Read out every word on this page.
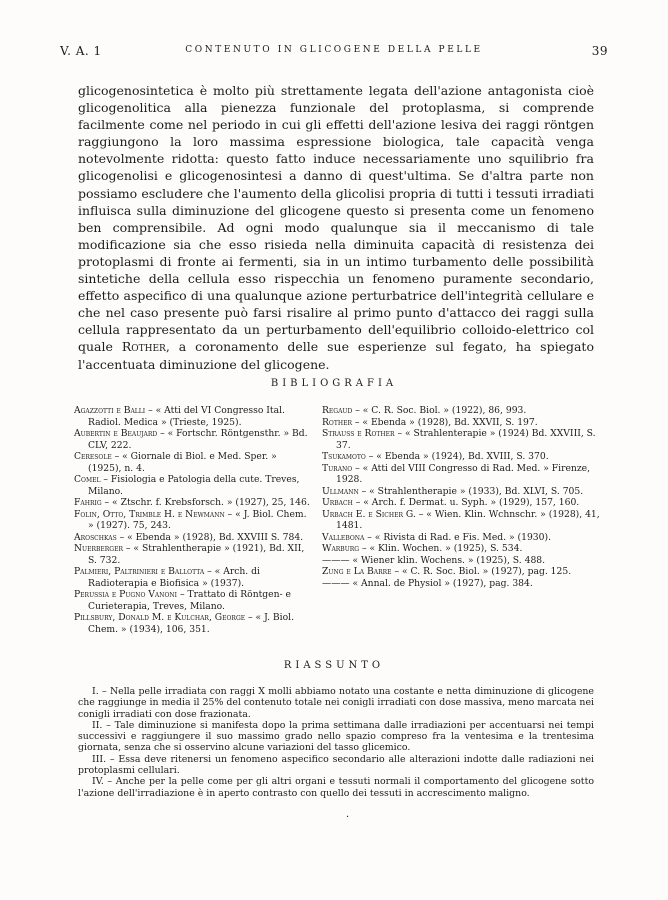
V. A. 1	CONTENUTO IN GLICOGENE DELLA PELLE	39

glicogenosintetica è molto più strettamente legata dell'azione antagonista cioè glicogenolitica alla pienezza funzionale del protoplasma, si comprende facilmente come nel periodo in cui gli effetti dell'azione lesiva dei raggi röntgen raggiungono la loro massima espressione biologica, tale capacità venga notevolmente ridotta: questo fatto induce necessariamente uno squilibrio fra glicogenolisi e glicogenosintesi a danno di quest'ultima. Se d'altra parte non possiamo escludere che l'aumento della glicolisi propria di tutti i tessuti irradiati influisca sulla diminuzione del glicogene questo si presenta come un fenomeno ben comprensibile. Ad ogni modo qualunque sia il meccanismo di tale modificazione sia che esso risieda nella diminuita capacità di resistenza dei protoplasmi di fronte ai fermenti, sia in un intimo turbamento delle possibilità sintetiche della cellula esso rispecchia un fenomeno puramente secondario, effetto aspecifico di una qualunque azione perturbatrice dell'integrità cellulare e che nel caso presente può farsi risalire al primo punto d'attacco dei raggi sulla cellula rappresentato da un perturbamento dell'equilibrio colloido-elettrico col quale Rother, a coronamento delle sue esperienze sul fegato, ha spiegato l'accentuata diminuzione del glicogene.

BIBLIOGRAFIA
Agazzotti e Balli – « Atti del VI Congresso Ital. Radiol. Medica » (Trieste, 1925).
Aubertin e Beaujard – « Fortschr. Röntgensthr. » Bd. CLV, 222.
Ceresole – « Giornale di Biol. e Med. Sper. » (1925), n. 4.
Comel – Fisiologia e Patologia della cute. Treves, Milano.
Fahrig – « Ztschr. f. Krebsforsch. » (1927), 25, 146.
Folin, Otto, Trimble H. e Newmann – « J. Biol. Chem. » (1927). 75, 243.
Aroschkas – « Ebenda » (1928), Bd. XXVIII S. 784.
Nuerberger – « Strahlentherapie » (1921), Bd. XII, S. 732.
Palmieri, Paltrinieri e Ballotta – « Arch. di Radioterapia e Biofisica » (1937).
Perussia e Pugno Vanoni – Trattato di Röntgen- e Curieterapia, Treves, Milano.
Pillsbury, Donald M. e Kulchar, George – « J. Biol. Chem. » (1934), 106, 351.
Regaud – « C. R. Soc. Biol. » (1922), 86, 993.
Rother – « Ebenda » (1928), Bd. XXVII, S. 197.
Strauss e Rother – « Strahlenterapie » (1924) Bd. XXVIII, S. 37.
Tsukamoto – « Ebenda » (1924), Bd. XVIII, S. 370.
Turano – « Atti del VIII Congresso di Rad. Med. » Firenze, 1928.
Ullmann – « Strahlentherapie » (1933), Bd. XLVI, S. 705.
Urbach – « Arch. f. Dermat. u. Syph. » (1929), 157, 160.
Urbach E. e Sicher G. – « Wien. Klin. Wchnschr. » (1928), 41, 1481.
Vallebona – « Rivista di Rad. e Fis. Med. » (1930).
Warburg – « Klin. Wochen. » (1925), S. 534.
——— « Wiener klin. Wochens. » (1925), S. 488.
Zung e La Barre – « C. R. Soc. Biol. » (1927), pag. 125.
——— « Annal. de Physiol » (1927), pag. 384.
RIASSUNTO

I. – Nella pelle irradiata con raggi X molli abbiamo notato una costante e netta diminuzione di glicogene che raggiunge in media il 25% del contenuto totale nei conigli irradiati con dose massiva, meno marcata nei conigli irradiati con dose frazionata.

II. – Tale diminuzione si manifesta dopo la prima settimana dalle irradiazioni per accentuarsi nei tempi successivi e raggiungere il suo massimo grado nello spazio compreso fra la ventesima e la trentesima giornata, senza che si osservino alcune variazioni del tasso glicemico.

III. – Essa deve ritenersi un fenomeno aspecifico secondario alle alterazioni indotte dalle radiazioni nei protoplasmi cellulari.

IV. – Anche per la pelle come per gli altri organi e tessuti normali il comportamento del glicogene sotto l'azione dell'irradiazione è in aperto contrasto con quello dei tessuti in accrescimento maligno.

·
